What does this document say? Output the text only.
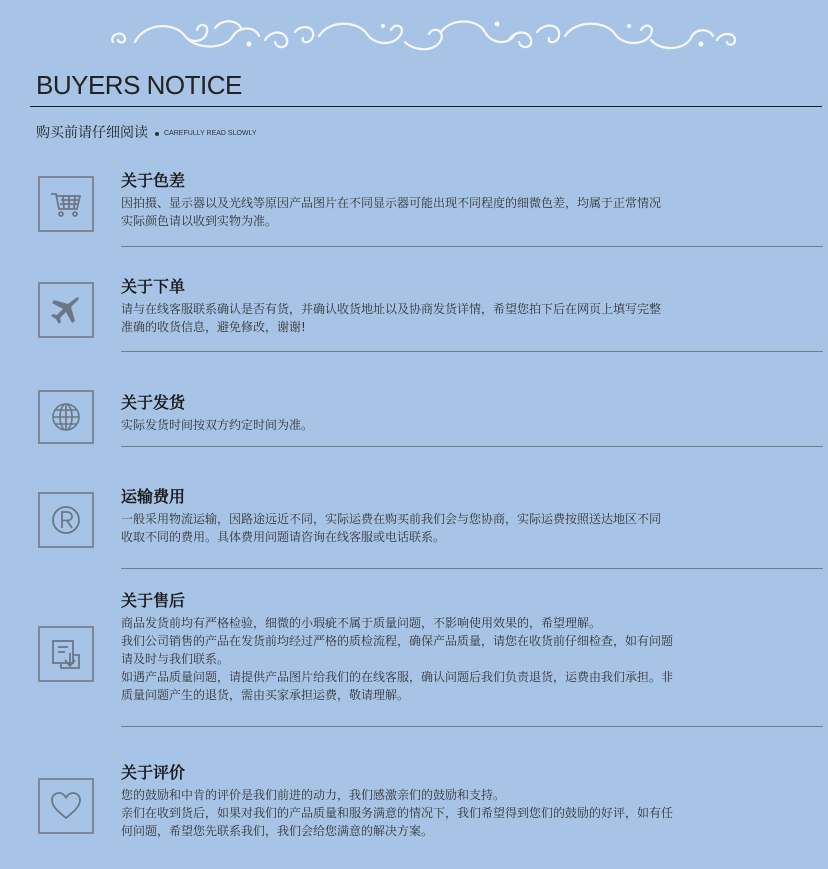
BUYERS NOTICE
购买前请仔细阅读 CAREFULLY READ SLOWLY
关于色差
因拍摄、显示器以及光线等原因产品图片在不同显示器可能出现不同程度的细微色差，均属于正常情况
实际颜色请以收到实物为准。
关于下单
请与在线客服联系确认是否有货，并确认收货地址以及协商发货详情，希望您拍下后在网页上填写完整
准确的收货信息，避免修改，谢谢!
关于发货
实际发货时间按双方约定时间为准。
运输费用
一般采用物流运输，因路途远近不同，实际运费在购买前我们会与您协商，实际运费按照送达地区不同
收取不同的费用。具体费用问题请咨询在线客服或电话联系。
关于售后
商品发货前均有严格检验，细微的小瑕疵不属于质量问题，不影响使用效果的，希望理解。
我们公司销售的产品在发货前均经过严格的质检流程，确保产品质量，请您在收货前仔细检查，如有问题
请及时与我们联系。
如遇产品质量问题，请提供产品图片给我们的在线客服，确认问题后我们负责退货，运费由我们承担。非
质量问题产生的退货，需由买家承担运费，敬请理解。
关于评价
您的鼓励和中肯的评价是我们前进的动力，我们感激亲们的鼓励和支持。
亲们在收到货后，如果对我们的产品质量和服务满意的情况下，我们希望得到您们的鼓励的好评，如有任
何问题，希望您先联系我们，我们会给您满意的解决方案。
